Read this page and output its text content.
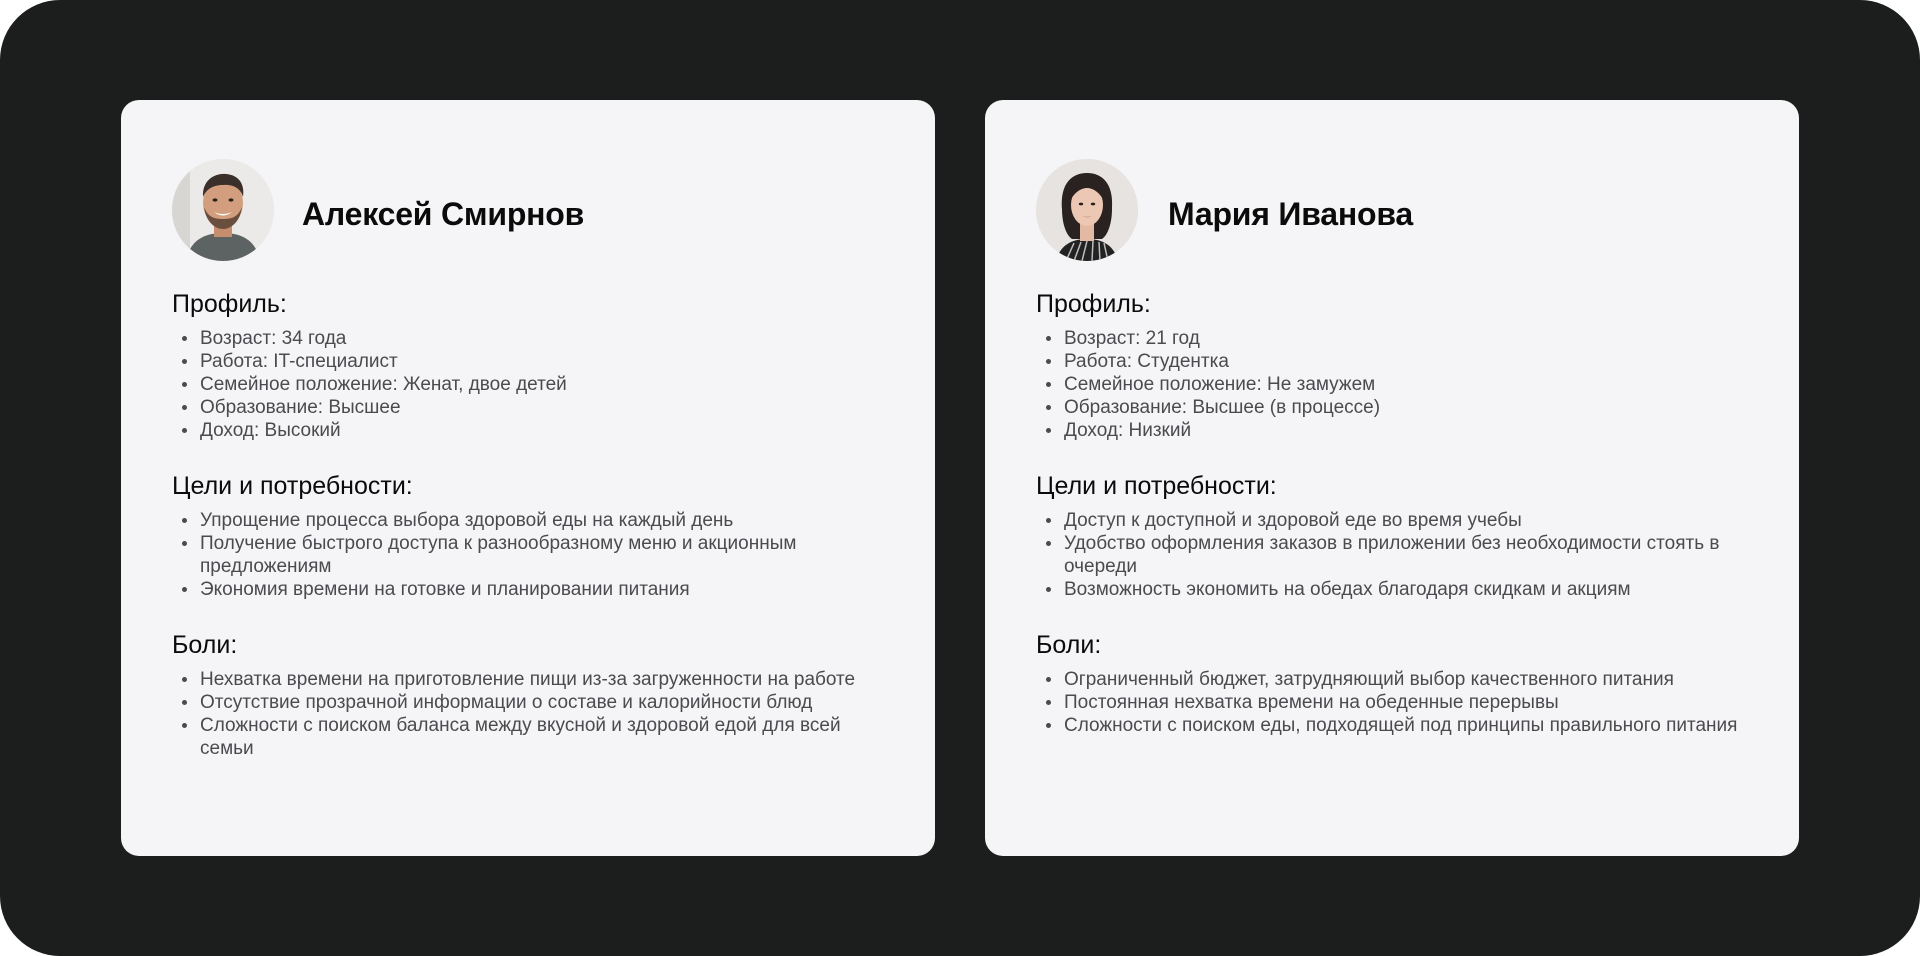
Алексей Смирнов
Профиль:
Возраст: 34 года
Работа: IT-специалист
Семейное положение: Женат, двое детей
Образование: Высшее
Доход: Высокий
Цели и потребности:
Упрощение процесса выбора здоровой еды на каждый день
Получение быстрого доступа к разнообразному меню и акционным предложениям
Экономия времени на готовке и планировании питания
Боли:
Нехватка времени на приготовление пищи из-за загруженности на работе
Отсутствие прозрачной информации о составе и калорийности блюд
Сложности с поиском баланса между вкусной и здоровой едой для всей семьи
Мария Иванова
Профиль:
Возраст: 21 год
Работа: Студентка
Семейное положение: Не замужем
Образование: Высшее (в процессе)
Доход: Низкий
Цели и потребности:
Доступ к доступной и здоровой еде во время учебы
Удобство оформления заказов в приложении без необходимости стоять в очереди
Возможность экономить на обедах благодаря скидкам и акциям
Боли:
Ограниченный бюджет, затрудняющий выбор качественного питания
Постоянная нехватка времени на обеденные перерывы
Сложности с поиском еды, подходящей под принципы правильного питания
